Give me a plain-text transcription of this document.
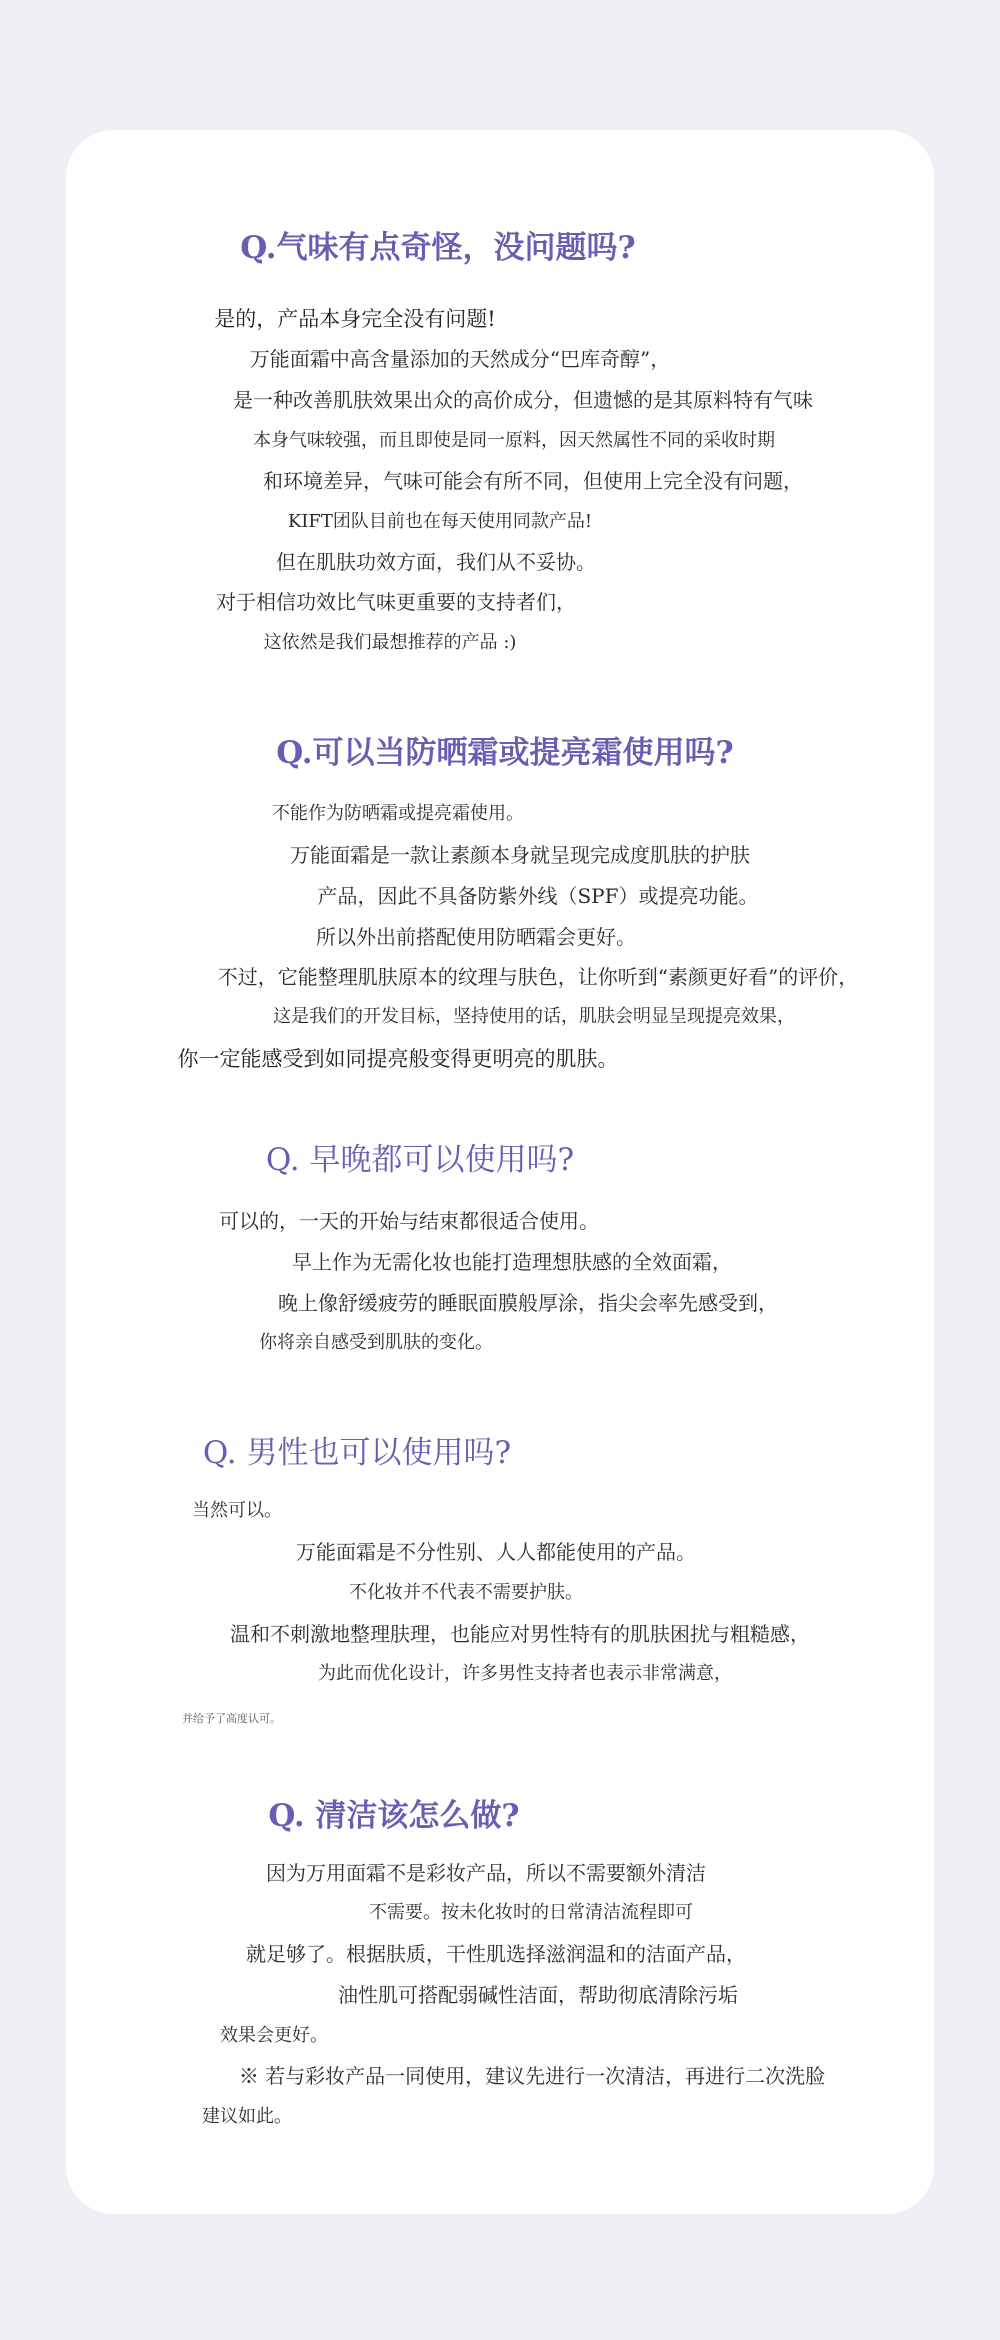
Q.气味有点奇怪，没问题吗?
是的，产品本身完全没有问题!
万能面霜中高含量添加的天然成分“巴库奇醇”，
是一种改善肌肤效果出众的高价成分，但遗憾的是其原料特有气味
本身气味较强，而且即使是同一原料，因天然属性不同的采收时期
和环境差异，气味可能会有所不同，但使用上完全没有问题，
KIFT团队目前也在每天使用同款产品!
但在肌肤功效方面，我们从不妥协。
对于相信功效比气味更重要的支持者们，
这依然是我们最想推荐的产品 :)
Q.可以当防晒霜或提亮霜使用吗?
不能作为防晒霜或提亮霜使用。
万能面霜是一款让素颜本身就呈现完成度肌肤的护肤
产品，因此不具备防紫外线（SPF）或提亮功能。
所以外出前搭配使用防晒霜会更好。
不过，它能整理肌肤原本的纹理与肤色，让你听到“素颜更好看”的评价，
这是我们的开发目标，坚持使用的话，肌肤会明显呈现提亮效果，
你一定能感受到如同提亮般变得更明亮的肌肤。
Q. 早晚都可以使用吗?
可以的，一天的开始与结束都很适合使用。
早上作为无需化妆也能打造理想肤感的全效面霜，
晚上像舒缓疲劳的睡眠面膜般厚涂，指尖会率先感受到，
你将亲自感受到肌肤的变化。
Q. 男性也可以使用吗?
当然可以。
万能面霜是不分性别、人人都能使用的产品。
不化妆并不代表不需要护肤。
温和不刺激地整理肤理，也能应对男性特有的肌肤困扰与粗糙感，
为此而优化设计，许多男性支持者也表示非常满意，
并给予了高度认可。
Q. 清洁该怎么做?
因为万用面霜不是彩妆产品，所以不需要额外清洁
不需要。按未化妆时的日常清洁流程即可
就足够了。根据肤质，干性肌选择滋润温和的洁面产品，
油性肌可搭配弱碱性洁面，帮助彻底清除污垢
效果会更好。
※ 若与彩妆产品一同使用，建议先进行一次清洁，再进行二次洗脸
建议如此。
